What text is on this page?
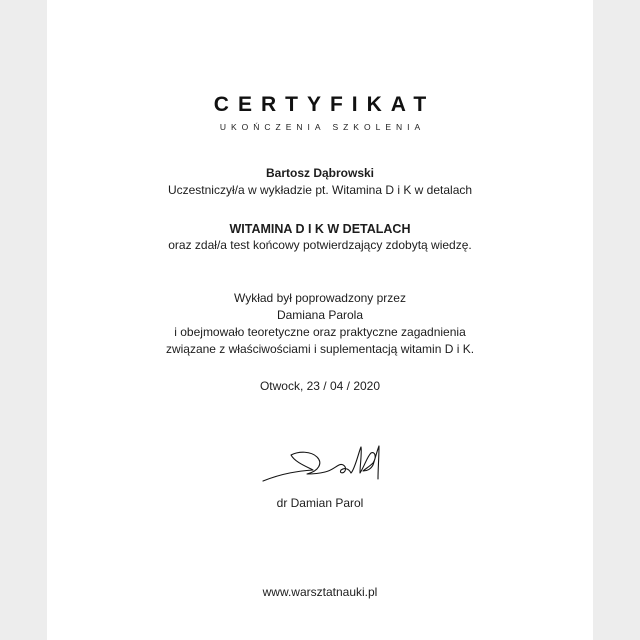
CERTYFIKAT
UKOŃCZENIA SZKOLENIA
Bartosz Dąbrowski
Uczestniczył/a w wykładzie pt. Witamina D i K w detalach
WITAMINA D I K W DETALACH
oraz zdał/a test końcowy potwierdzający zdobytą wiedzę.
Wykład był poprowadzony przez
Damiana Parola
i obejmowało teoretyczne oraz praktyczne zagadnienia
związane z właściwościami i suplementacją witamin D i K.
Otwock, 23 / 04 / 2020
dr Damian Parol
www.warsztatnauki.pl
